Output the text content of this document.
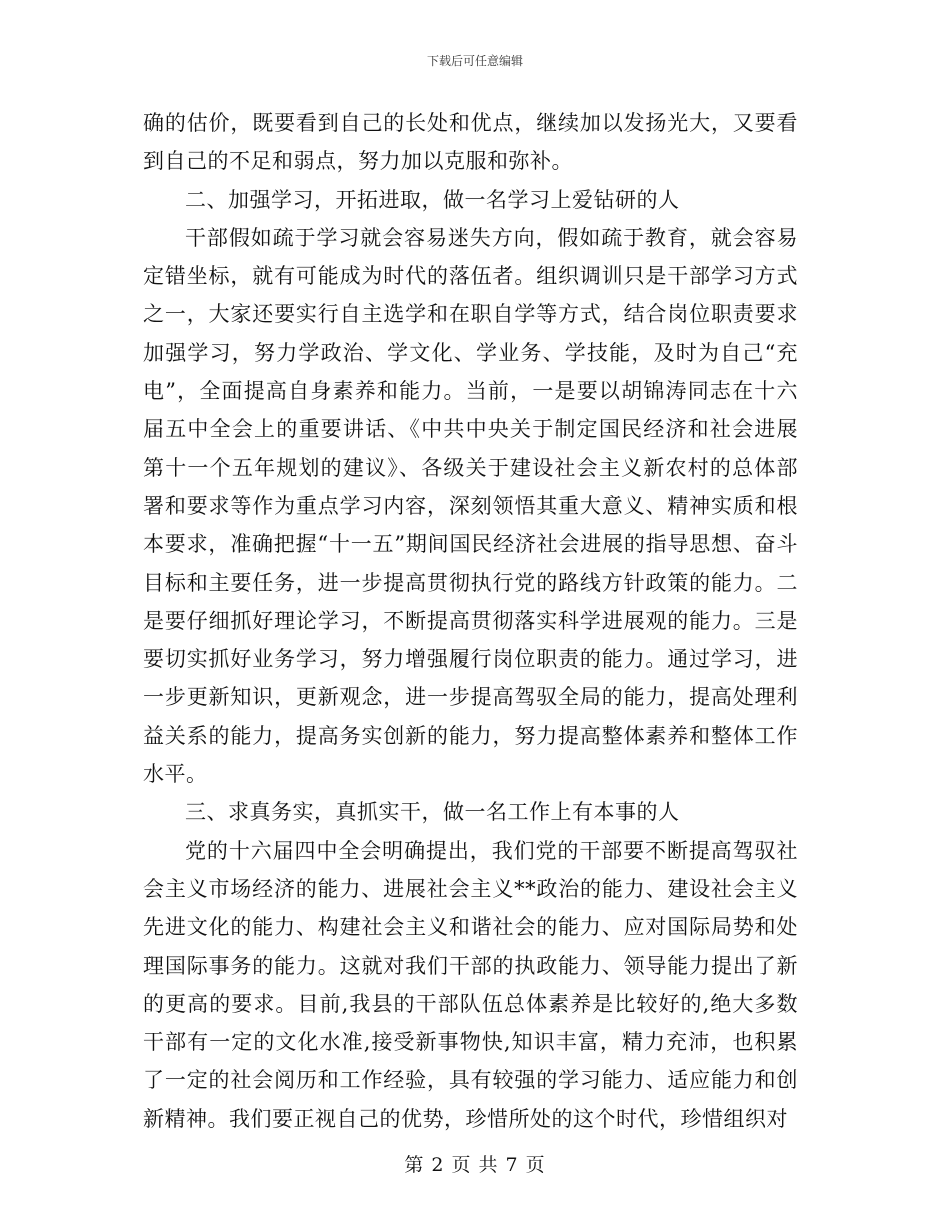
下载后可任意编辑

确的估价，既要看到自己的长处和优点，继续加以发扬光大，又要看到自己的不足和弱点，努力加以克服和弥补。

二、加强学习，开拓进取，做一名学习上爱钻研的人

干部假如疏于学习就会容易迷失方向，假如疏于教育，就会容易定错坐标，就有可能成为时代的落伍者。组织调训只是干部学习方式之一，大家还要实行自主选学和在职自学等方式，结合岗位职责要求加强学习，努力学政治、学文化、学业务、学技能，及时为自己“充电”，全面提高自身素养和能力。当前，一是要以胡锦涛同志在十六届五中全会上的重要讲话、《中共中央关于制定国民经济和社会进展第十一个五年规划的建议》、各级关于建设社会主义新农村的总体部署和要求等作为重点学习内容，深刻领悟其重大意义、精神实质和根本要求，准确把握“十一五”期间国民经济社会进展的指导思想、奋斗目标和主要任务，进一步提高贯彻执行党的路线方针政策的能力。二是要仔细抓好理论学习，不断提高贯彻落实科学进展观的能力。三是要切实抓好业务学习，努力增强履行岗位职责的能力。通过学习，进一步更新知识，更新观念，进一步提高驾驭全局的能力，提高处理利益关系的能力，提高务实创新的能力，努力提高整体素养和整体工作水平。

三、求真务实，真抓实干，做一名工作上有本事的人

党的十六届四中全会明确提出，我们党的干部要不断提高驾驭社会主义市场经济的能力、进展社会主义**政治的能力、建设社会主义先进文化的能力、构建社会主义和谐社会的能力、应对国际局势和处理国际事务的能力。这就对我们干部的执政能力、领导能力提出了新的更高的要求。目前,我县的干部队伍总体素养是比较好的,绝大多数干部有一定的文化水准,接受新事物快,知识丰富，精力充沛，也积累了一定的社会阅历和工作经验，具有较强的学习能力、适应能力和创新精神。我们要正视自己的优势，珍惜所处的这个时代，珍惜组织对

第 2 页 共 7 页
